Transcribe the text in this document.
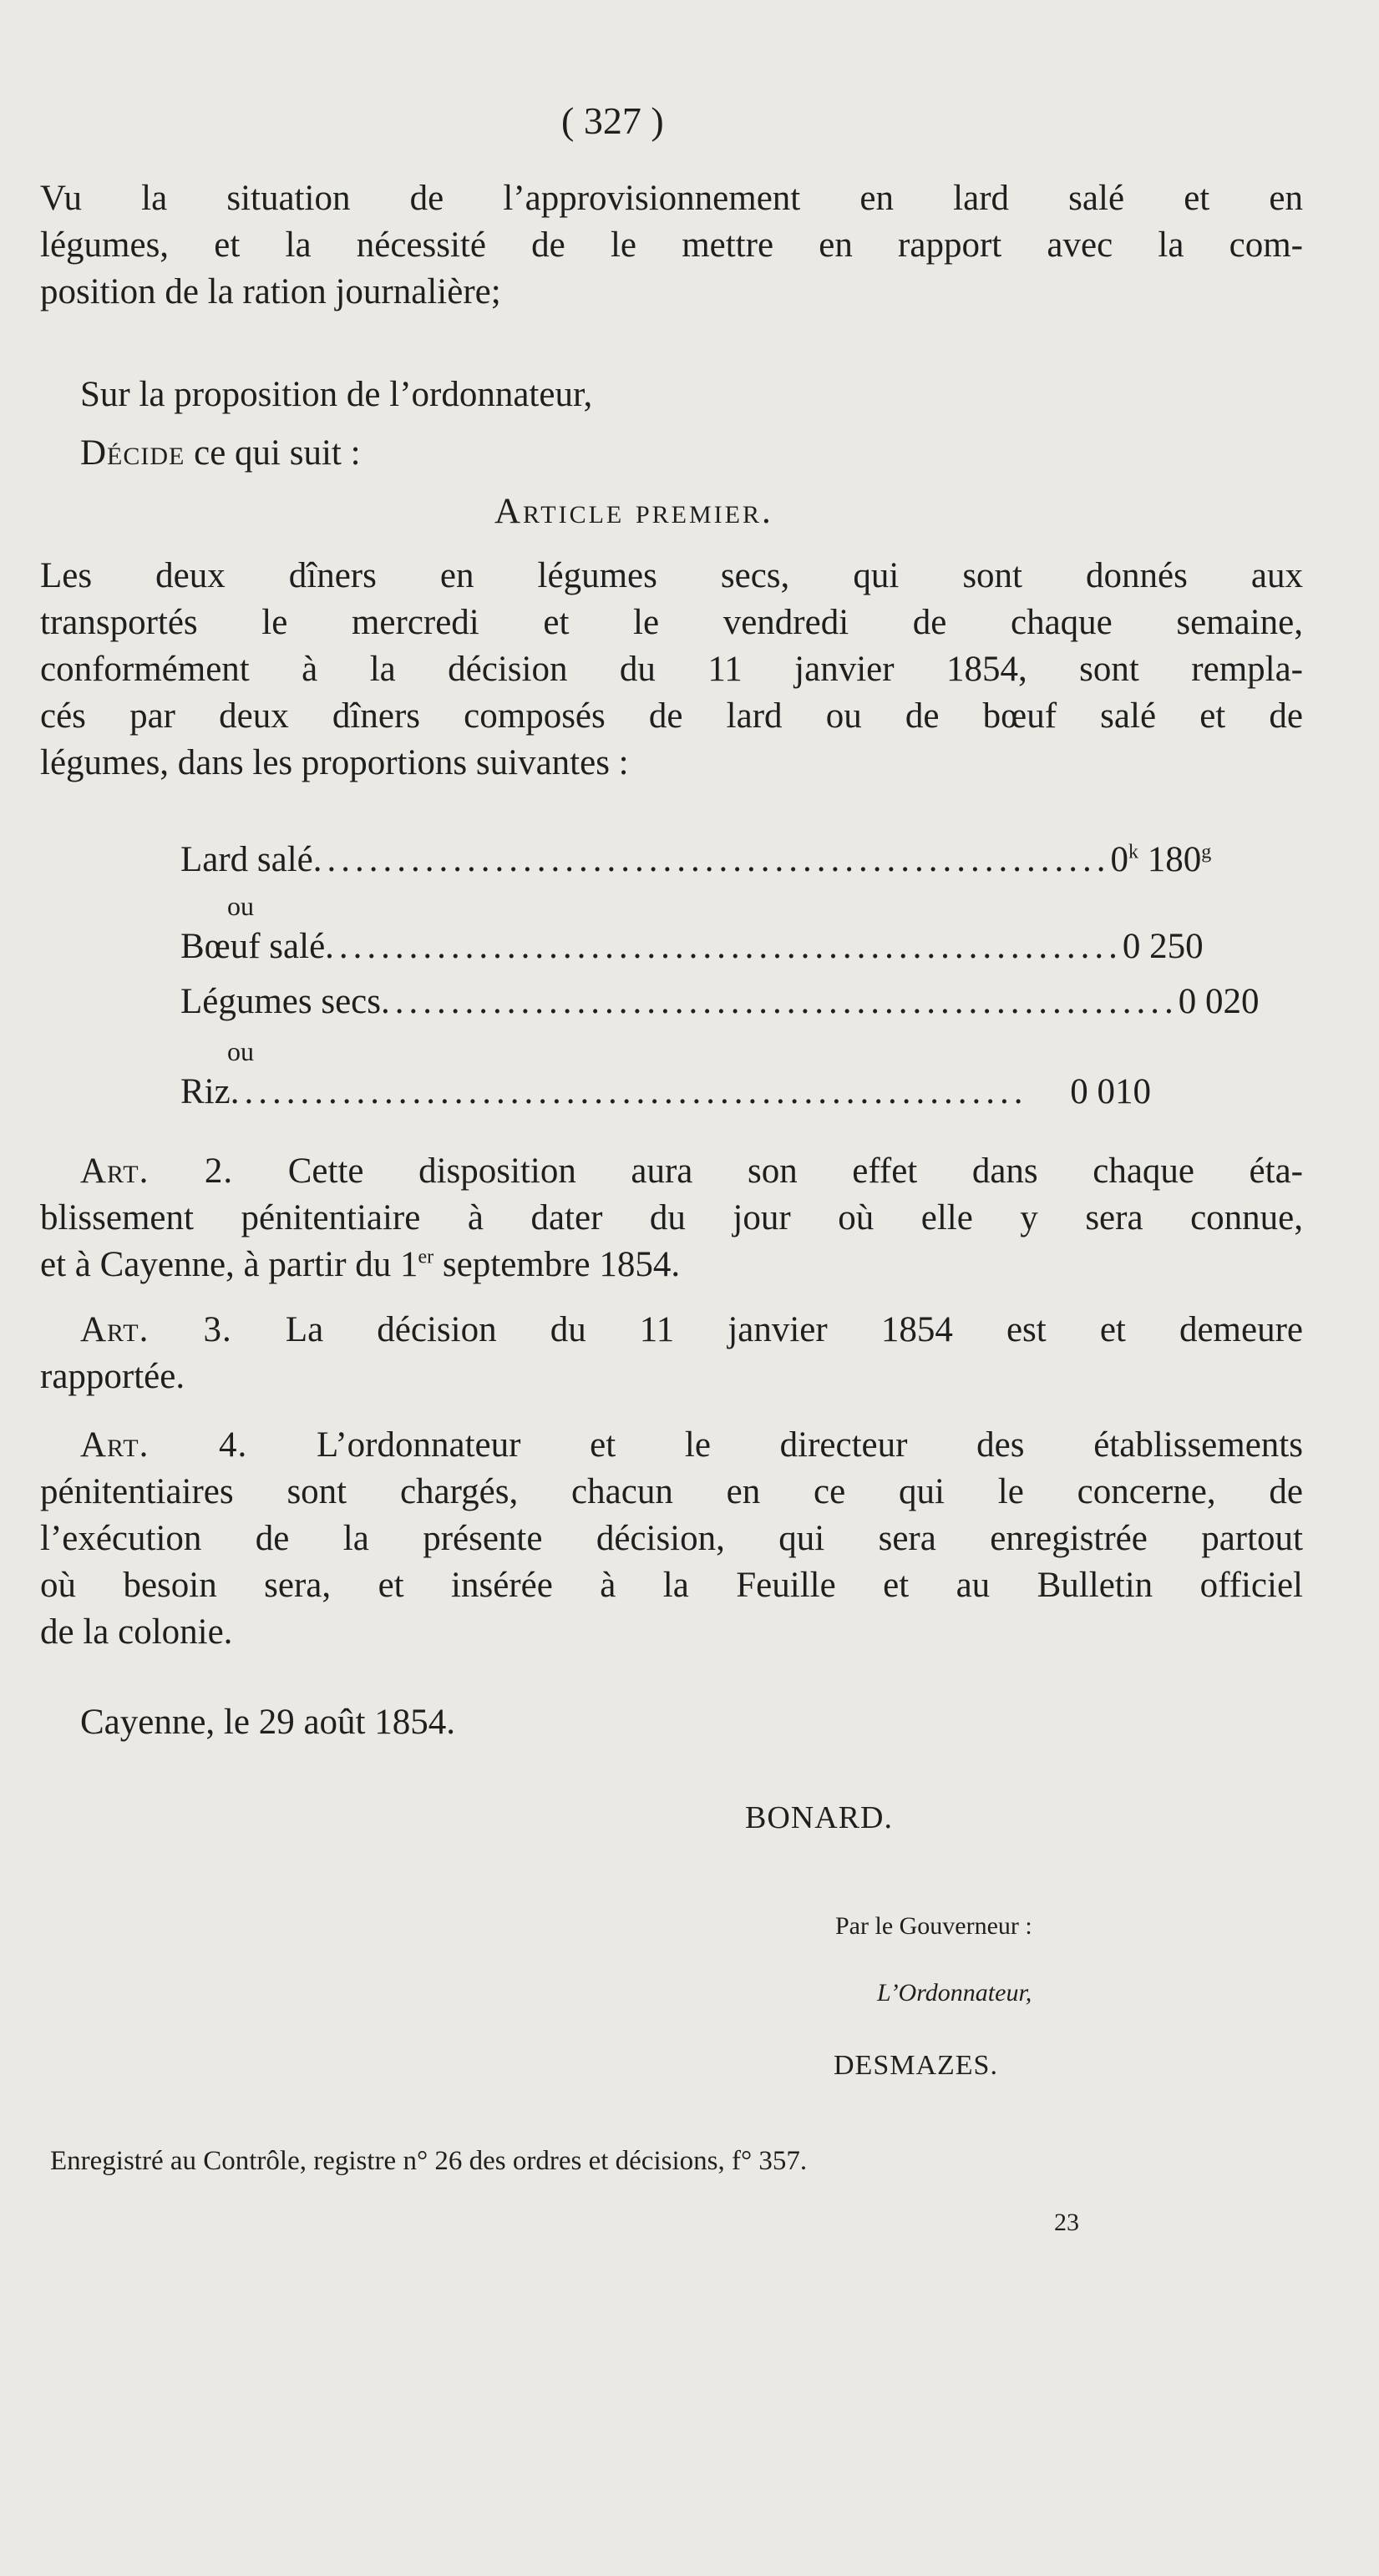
( 327 )
Vu la situation de l’approvisionnement en lard salé et en
légumes, et la nécessité de le mettre en rapport avec la com-
position de la ration journalière;
Sur la proposition de l’ordonnateur,
Décide ce qui suit :
Article premier.
Les deux dîners en légumes secs, qui sont donnés aux
transportés le mercredi et le vendredi de chaque semaine,
conformément à la décision du 11 janvier 1854, sont rempla-
cés par deux dîners composés de lard ou de bœuf salé et de
légumes, dans les proportions suivantes :
Lard salé ......................................................... 0$^k$ 180$^g$
ou
Bœuf salé ......................................................... 0 250
Légumes secs ......................................................... 0 020
ou
Riz .........................................................	0 010
Art. 2. Cette disposition aura son effet dans chaque éta-
blissement pénitentiaire à dater du jour où elle y sera connue,
et à Cayenne, à partir du 1er septembre 1854.
Art. 3. La décision du 11 janvier 1854 est et demeure
rapportée.
Art. 4. L’ordonnateur et le directeur des établissements
pénitentiaires sont chargés, chacun en ce qui le concerne, de
l’exécution de la présente décision, qui sera enregistrée partout
où besoin sera, et insérée à la Feuille et au Bulletin officiel
de la colonie.
Cayenne, le 29 août 1854.
BONARD.
Par le Gouverneur :
L’Ordonnateur,
DESMAZES.
Enregistré au Contrôle, registre n° 26 des ordres et décisions, f° 357.
23
